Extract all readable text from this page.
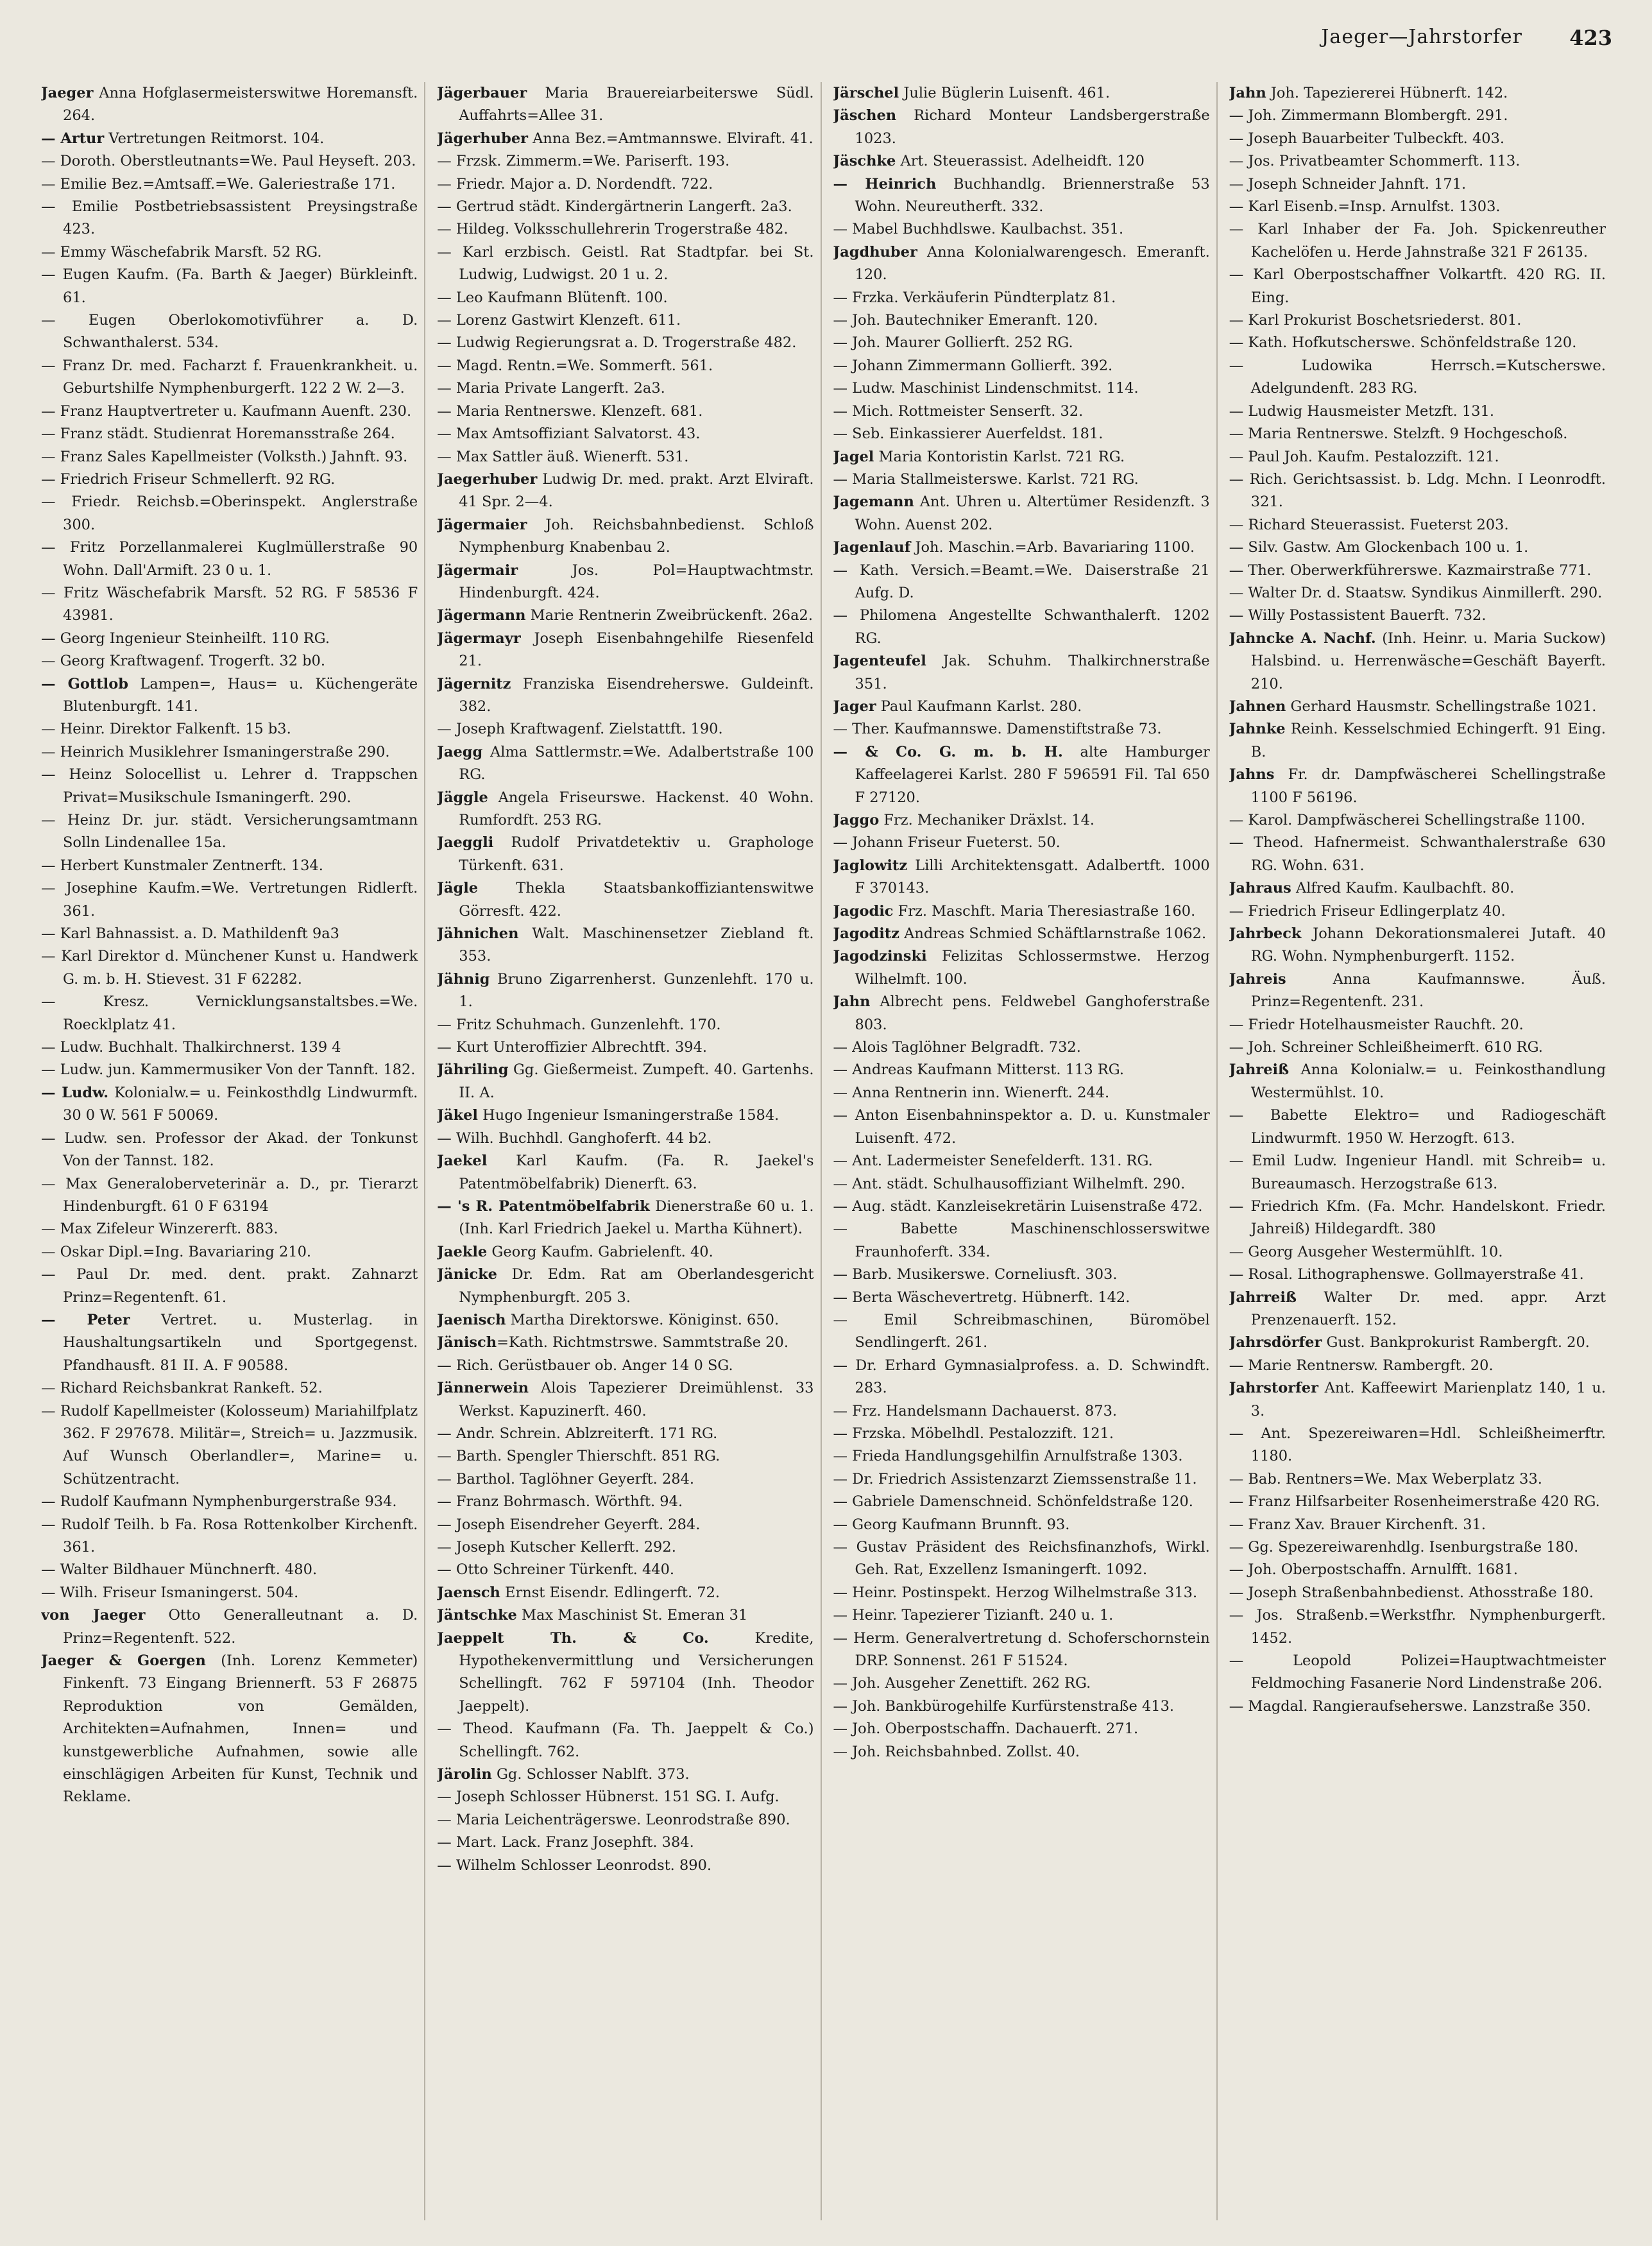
Jaeger—Jahrstorfer 423
Jaeger Anna Hofglasermeisterswitwe Horemansft. 264.
— Artur Vertretungen Reitmorst. 104.
— Doroth. Oberstleutnants=We. Paul Heyseft. 203.
— Emilie Bez.=Amtsaff.=We. Galeriestraße 171.
— Emilie Postbetriebsassistent Preysingstraße 423.
— Emmy Wäschefabrik Marsft. 52 RG.
— Eugen Kaufm. (Fa. Barth & Jaeger) Bürkleinft. 61.
— Eugen Oberlokomotivführer a. D. Schwanthalerst. 534.
— Franz Dr. med. Facharzt f. Frauenkrankheit. u. Geburtshilfe Nymphenburgerft. 122 2 W. 2—3.
— Franz Hauptvertreter u. Kaufmann Auenft. 230.
— Franz städt. Studienrat Horemansstraße 264.
— Franz Sales Kapellmeister (Volksth.) Jahnft. 93.
— Friedrich Friseur Schmellerft. 92 RG.
— Friedr. Reichsb.=Oberinspekt. Anglerstraße 300.
— Fritz Porzellanmalerei Kuglmüllerstraße 90 Wohn. Dall'Armift. 23 0 u. 1.
— Fritz Wäschefabrik Marsft. 52 RG. F 58536 F 43981.
— Georg Ingenieur Steinheilft. 110 RG.
— Georg Kraftwagenf. Trogerft. 32 b0.
— Gottlob Lampen=, Haus= u. Küchengeräte Blutenburgft. 141.
— Heinr. Direktor Falkenft. 15 b3.
— Heinrich Musiklehrer Ismaningerstraße 290.
— Heinz Solocellist u. Lehrer d. Trappschen Privat=Musikschule Ismaningerft. 290.
— Heinz Dr. jur. städt. Versicherungsamtmann Solln Lindenallee 15a.
— Herbert Kunstmaler Zentnerft. 134.
— Josephine Kaufm.=We. Vertretungen Ridlerft. 361.
— Karl Bahnassist. a. D. Mathildenft 9a3
— Karl Direktor d. Münchener Kunst u. Handwerk G. m. b. H. Stievest. 31 F 62282.
— Kresz. Vernicklungsanstaltsbes.=We. Roecklplatz 41.
— Ludw. Buchhalt. Thalkirchnerst. 139 4
— Ludw. jun. Kammermusiker Von der Tannft. 182.
— Ludw. Kolonialw.= u. Feinkosthdlg Lindwurmft. 30 0 W. 561 F 50069.
— Ludw. sen. Professor der Akad. der Tonkunst Von der Tannst. 182.
— Max Generaloberveterinär a. D., pr. Tierarzt Hindenburgft. 61 0 F 63194
— Max Zifeleur Winzererft. 883.
— Oskar Dipl.=Ing. Bavariaring 210.
— Paul Dr. med. dent. prakt. Zahnarzt Prinz=Regentenft. 61.
— Peter Vertret. u. Musterlag. in Haushaltungsartikeln und Sportgegenst. Pfandhausft. 81 II. A. F 90588.
— Richard Reichsbankrat Rankeft. 52.
— Rudolf Kapellmeister (Kolosseum) Mariahilfplatz 362. F 297678. Militär=, Streich= u. Jazzmusik. Auf Wunsch Oberlandler=, Marine= u. Schützentracht.
— Rudolf Kaufmann Nymphenburgerstraße 934.
— Rudolf Teilh. b Fa. Rosa Rottenkolber Kirchenft. 361.
— Walter Bildhauer Münchnerft. 480.
— Wilh. Friseur Ismaningerst. 504.
von Jaeger Otto Generalleutnant a. D. Prinz=Regentenft. 522.
Jaeger & Goergen (Inh. Lorenz Kemmeter) Finkenft. 73 Eingang Briennerft. 53 F 26875 Reproduktion von Gemälden, Architekten=Aufnahmen, Innen= und kunstgewerbliche Aufnahmen, sowie alle einschlägigen Arbeiten für Kunst, Technik und Reklame.
Jägerbauer Maria Brauereiarbeiterswe Südl. Auffahrts=Allee 31.
Jägerhuber Anna Bez.=Amtmannswe. Elviraft. 41.
— Frzsk. Zimmerm.=We. Pariserft. 193.
— Friedr. Major a. D. Nordendft. 722.
— Gertrud städt. Kindergärtnerin Langerft. 2a3.
— Hildeg. Volksschullehrerin Trogerstraße 482.
— Karl erzbisch. Geistl. Rat Stadtpfar. bei St. Ludwig, Ludwigst. 20 1 u. 2.
— Leo Kaufmann Blütenft. 100.
— Lorenz Gastwirt Klenzeft. 611.
— Ludwig Regierungsrat a. D. Trogerstraße 482.
— Magd. Rentn.=We. Sommerft. 561.
— Maria Private Langerft. 2a3.
— Maria Rentnerswe. Klenzeft. 681.
— Max Amtsoffiziant Salvatorst. 43.
— Max Sattler äuß. Wienerft. 531.
Jaegerhuber Ludwig Dr. med. prakt. Arzt Elviraft. 41 Spr. 2—4.
Jägermaier Joh. Reichsbahnbedienst. Schloß Nymphenburg Knabenbau 2.
Jägermair Jos. Pol=Hauptwachtmstr. Hindenburgft. 424.
Jägermann Marie Rentnerin Zweibrückenft. 26a2.
Jägermayr Joseph Eisenbahngehilfe Riesenfeld 21.
Jägernitz Franziska Eisendreherswe. Guldeinft. 382.
— Joseph Kraftwagenf. Zielstattft. 190.
Jaegg Alma Sattlermstr.=We. Adalbertstraße 100 RG.
Jäggle Angela Friseurswe. Hackenst. 40 Wohn. Rumfordft. 253 RG.
Jaeggli Rudolf Privatdetektiv u. Graphologe Türkenft. 631.
Jägle Thekla Staatsbankoffiziantenswitwe Görresft. 422.
Jähnichen Walt. Maschinensetzer Ziebland ft. 353.
Jähnig Bruno Zigarrenherst. Gunzenlehft. 170 u. 1.
— Fritz Schuhmach. Gunzenlehft. 170.
— Kurt Unteroffizier Albrechtft. 394.
Jähriling Gg. Gießermeist. Zumpeft. 40. Gartenhs. II. A.
Jäkel Hugo Ingenieur Ismaningerstraße 1584.
— Wilh. Buchhdl. Ganghoferft. 44 b2.
Jaekel Karl Kaufm. (Fa. R. Jaekel's Patentmöbelfabrik) Dienerft. 63.
— 's R. Patentmöbelfabrik Dienerstraße 60 u. 1. (Inh. Karl Friedrich Jaekel u. Martha Kühnert).
Jaekle Georg Kaufm. Gabrielenft. 40.
Jänicke Dr. Edm. Rat am Oberlandesgericht Nymphenburgft. 205 3.
Jaenisch Martha Direktorswe. Königinst. 650.
Jänisch=Kath. Richtmstrswe. Sammtstraße 20.
— Rich. Gerüstbauer ob. Anger 14 0 SG.
Jännerwein Alois Tapezierer Dreimühlenst. 33 Werkst. Kapuzinerft. 460.
— Andr. Schrein. Ablzreiterft. 171 RG.
— Barth. Spengler Thierschft. 851 RG.
— Barthol. Taglöhner Geyerft. 284.
— Franz Bohrmasch. Wörthft. 94.
— Joseph Eisendreher Geyerft. 284.
— Joseph Kutscher Kellerft. 292.
— Otto Schreiner Türkenft. 440.
Jaensch Ernst Eisendr. Edlingerft. 72.
Jäntschke Max Maschinist St. Emeran 31
Jaeppelt Th. & Co. Kredite, Hypothekenvermittlung und Versicherungen Schellingft. 762 F 597104 (Inh. Theodor Jaeppelt).
— Theod. Kaufmann (Fa. Th. Jaeppelt & Co.) Schellingft. 762.
Järolin Gg. Schlosser Nablft. 373.
— Joseph Schlosser Hübnerst. 151 SG. I. Aufg.
— Maria Leichenträgerswe. Leonrodstraße 890.
— Mart. Lack. Franz Josephft. 384.
— Wilhelm Schlosser Leonrodst. 890.
Järschel Julie Büglerin Luisenft. 461.
Jäschen Richard Monteur Landsbergerstraße 1023.
Jäschke Art. Steuerassist. Adelheidft. 120
— Heinrich Buchhandlg. Briennerstraße 53 Wohn. Neureutherft. 332.
— Mabel Buchhdlswe. Kaulbachst. 351.
Jagdhuber Anna Kolonialwarengesch. Emeranft. 120.
— Frzka. Verkäuferin Pündterplatz 81.
— Joh. Bautechniker Emeranft. 120.
— Joh. Maurer Gollierft. 252 RG.
— Johann Zimmermann Gollierft. 392.
— Ludw. Maschinist Lindenschmitst. 114.
— Mich. Rottmeister Senserft. 32.
— Seb. Einkassierer Auerfeldst. 181.
Jagel Maria Kontoristin Karlst. 721 RG.
— Maria Stallmeisterswe. Karlst. 721 RG.
Jagemann Ant. Uhren u. Altertümer Residenzft. 3 Wohn. Auenst 202.
Jagenlauf Joh. Maschin.=Arb. Bavariaring 1100.
— Kath. Versich.=Beamt.=We. Daiserstraße 21 Aufg. D.
— Philomena Angestellte Schwanthalerft. 1202 RG.
Jagenteufel Jak. Schuhm. Thalkirchnerstraße 351.
Jager Paul Kaufmann Karlst. 280.
— Ther. Kaufmannswe. Damenstiftstraße 73.
— & Co. G. m. b. H. alte Hamburger Kaffeelagerei Karlst. 280 F 596591 Fil. Tal 650 F 27120.
Jaggo Frz. Mechaniker Dräxlst. 14.
— Johann Friseur Fueterst. 50.
Jaglowitz Lilli Architektensgatt. Adalbertft. 1000 F 370143.
Jagodic Frz. Maschft. Maria Theresiastraße 160.
Jagoditz Andreas Schmied Schäftlarnstraße 1062.
Jagodzinski Felizitas Schlossermstwe. Herzog Wilhelmft. 100.
Jahn Albrecht pens. Feldwebel Ganghoferstraße 803.
— Alois Taglöhner Belgradft. 732.
— Andreas Kaufmann Mitterst. 113 RG.
— Anna Rentnerin inn. Wienerft. 244.
— Anton Eisenbahninspektor a. D. u. Kunstmaler Luisenft. 472.
— Ant. Ladermeister Senefelderft. 131. RG.
— Ant. städt. Schulhausoffiziant Wilhelmft. 290.
— Aug. städt. Kanzleisekretärin Luisenstraße 472.
— Babette Maschinenschlosserswitwe Fraunhoferft. 334.
— Barb. Musikerswe. Corneliusft. 303.
— Berta Wäschevertretg. Hübnerft. 142.
— Emil Schreibmaschinen, Büromöbel Sendlingerft. 261.
— Dr. Erhard Gymnasialprofess. a. D. Schwindft. 283.
— Frz. Handelsmann Dachauerst. 873.
— Frzska. Möbelhdl. Pestalozzift. 121.
— Frieda Handlungsgehilfin Arnulfstraße 1303.
— Dr. Friedrich Assistenzarzt Ziemssenstraße 11.
— Gabriele Damenschneid. Schönfeldstraße 120.
— Georg Kaufmann Brunnft. 93.
— Gustav Präsident des Reichsfinanzhofs, Wirkl. Geh. Rat, Exzellenz Ismaningerft. 1092.
— Heinr. Postinspekt. Herzog Wilhelmstraße 313.
— Heinr. Tapezierer Tizianft. 240 u. 1.
— Herm. Generalvertretung d. Schoferschornstein DRP. Sonnenst. 261 F 51524.
— Joh. Ausgeher Zenettift. 262 RG.
— Joh. Bankbürogehilfe Kurfürstenstraße 413.
— Joh. Oberpostschaffn. Dachauerft. 271.
— Joh. Reichsbahnbed. Zollst. 40.
Jahn Joh. Tapeziererei Hübnerft. 142.
— Joh. Zimmermann Blombergft. 291.
— Joseph Bauarbeiter Tulbeckft. 403.
— Jos. Privatbeamter Schommerft. 113.
— Joseph Schneider Jahnft. 171.
— Karl Eisenb.=Insp. Arnulfst. 1303.
— Karl Inhaber der Fa. Joh. Spickenreuther Kachelöfen u. Herde Jahnstraße 321 F 26135.
— Karl Oberpostschaffner Volkartft. 420 RG. II. Eing.
— Karl Prokurist Boschetsriederst. 801.
— Kath. Hofkutscherswe. Schönfeldstraße 120.
— Ludowika Herrsch.=Kutscherswe. Adelgundenft. 283 RG.
— Ludwig Hausmeister Metzft. 131.
— Maria Rentnerswe. Stelzft. 9 Hochgeschoß.
— Paul Joh. Kaufm. Pestalozzift. 121.
— Rich. Gerichtsassist. b. Ldg. Mchn. I Leonrodft. 321.
— Richard Steuerassist. Fueterst 203.
— Silv. Gastw. Am Glockenbach 100 u. 1.
— Ther. Oberwerkführerswe. Kazmairstraße 771.
— Walter Dr. d. Staatsw. Syndikus Ainmillerft. 290.
— Willy Postassistent Bauerft. 732.
Jahncke A. Nachf. (Inh. Heinr. u. Maria Suckow) Halsbind. u. Herrenwäsche=Geschäft Bayerft. 210.
Jahnen Gerhard Hausmstr. Schellingstraße 1021.
Jahnke Reinh. Kesselschmied Echingerft. 91 Eing. B.
Jahns Fr. dr. Dampfwäscherei Schellingstraße 1100 F 56196.
— Karol. Dampfwäscherei Schellingstraße 1100.
— Theod. Hafnermeist. Schwanthalerstraße 630 RG. Wohn. 631.
Jahraus Alfred Kaufm. Kaulbachft. 80.
— Friedrich Friseur Edlingerplatz 40.
Jahrbeck Johann Dekorationsmalerei Jutaft. 40 RG. Wohn. Nymphenburgerft. 1152.
Jahreis Anna Kaufmannswe. Äuß. Prinz=Regentenft. 231.
— Friedr Hotelhausmeister Rauchft. 20.
— Joh. Schreiner Schleißheimerft. 610 RG.
Jahreiß Anna Kolonialw.= u. Feinkosthandlung Westermühlst. 10.
— Babette Elektro= und Radiogeschäft Lindwurmft. 1950 W. Herzogft. 613.
— Emil Ludw. Ingenieur Handl. mit Schreib= u. Bureaumasch. Herzogstraße 613.
— Friedrich Kfm. (Fa. Mchr. Handelskont. Friedr. Jahreiß) Hildegardft. 380
— Georg Ausgeher Westermühlft. 10.
— Rosal. Lithographenswe. Gollmayerstraße 41.
Jahrreiß Walter Dr. med. appr. Arzt Prenzenauerft. 152.
Jahrsdörfer Gust. Bankprokurist Rambergft. 20.
— Marie Rentnersw. Rambergft. 20.
Jahrstorfer Ant. Kaffeewirt Marienplatz 140, 1 u. 3.
— Ant. Spezereiwaren=Hdl. Schleißheimerftr. 1180.
— Bab. Rentners=We. Max Weberplatz 33.
— Franz Hilfsarbeiter Rosenheimerstraße 420 RG.
— Franz Xav. Brauer Kirchenft. 31.
— Gg. Spezereiwarenhdlg. Isenburgstraße 180.
— Joh. Oberpostschaffn. Arnulfft. 1681.
— Joseph Straßenbahnbedienst. Athosstraße 180.
— Jos. Straßenb.=Werkstfhr. Nymphenburgerft. 1452.
— Leopold Polizei=Hauptwachtmeister Feldmoching Fasanerie Nord Lindenstraße 206.
— Magdal. Rangieraufseherswe. Lanzstraße 350.
